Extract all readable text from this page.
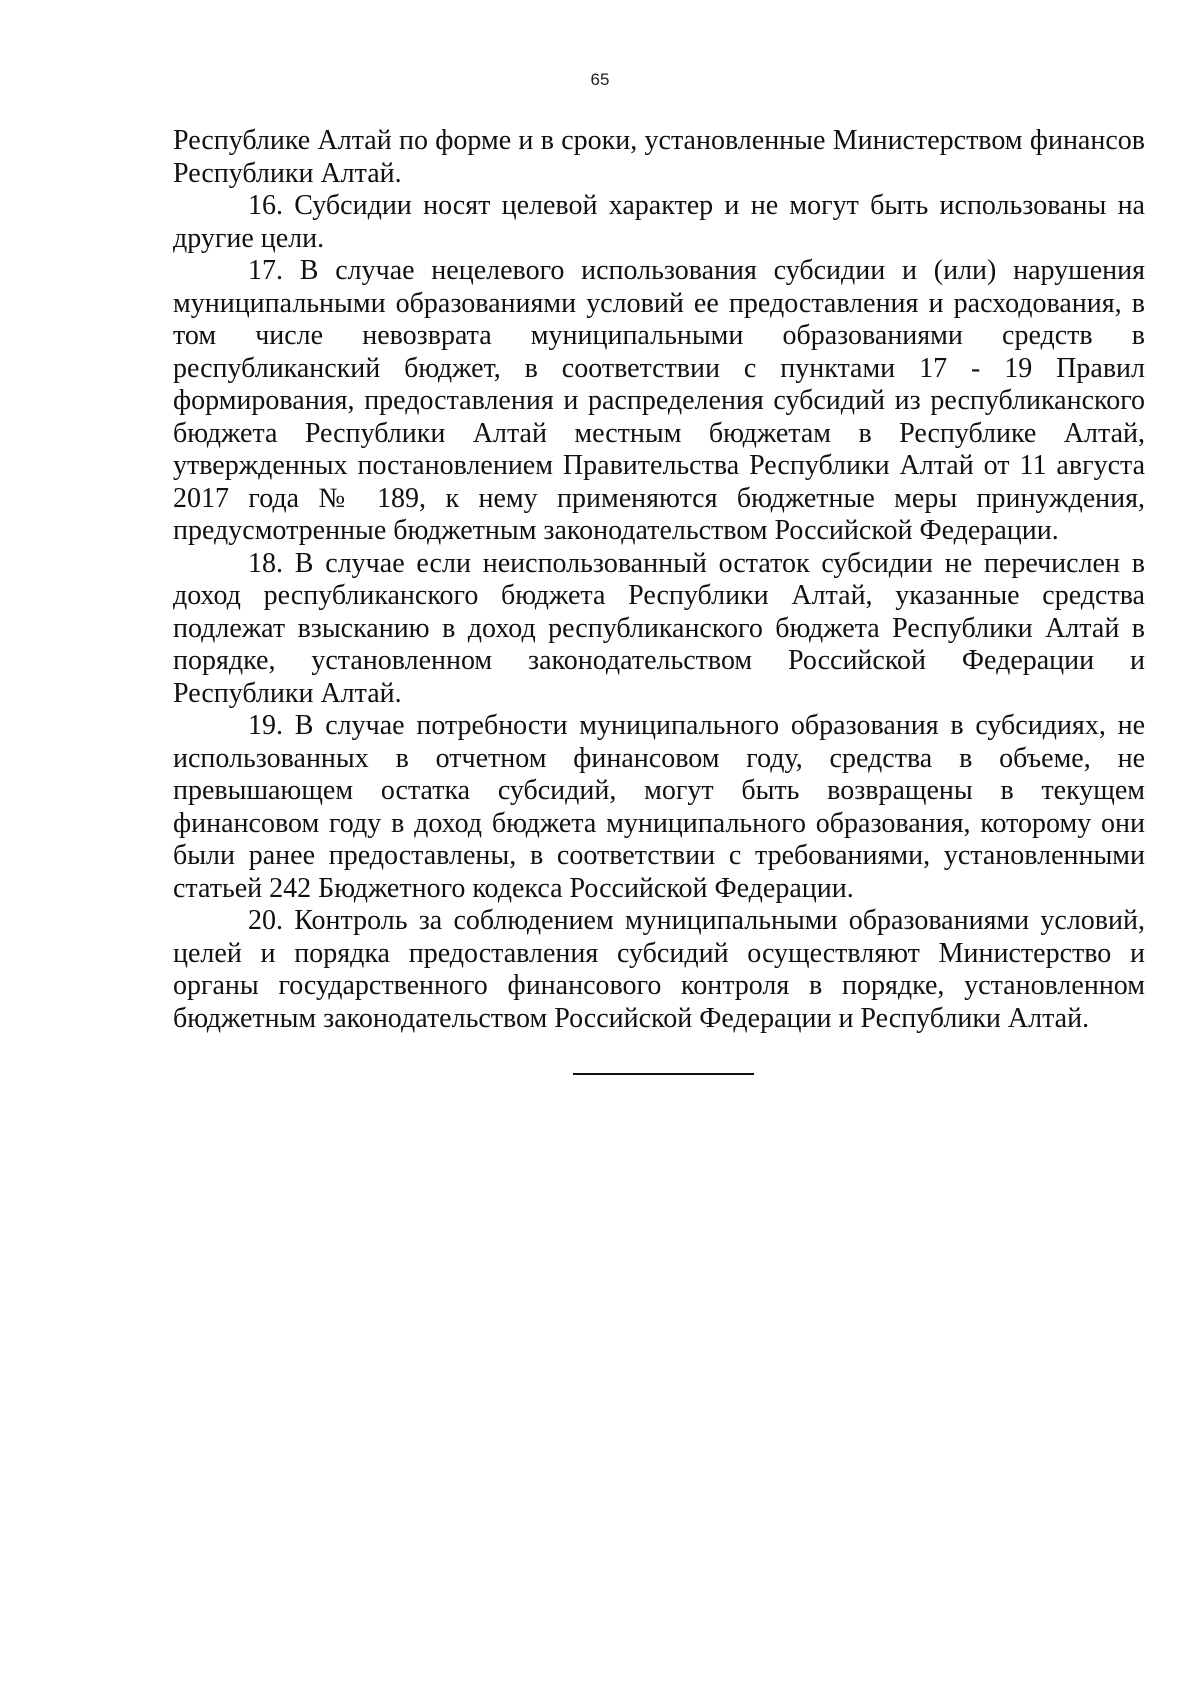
65

Республике Алтай по форме и в сроки, установленные Министерством финансов Республики Алтай.

16. Субсидии носят целевой характер и не могут быть использованы на другие цели.

17. В случае нецелевого использования субсидии и (или) нарушения муниципальными образованиями условий ее предоставления и расходования, в том числе невозврата муниципальными образованиями средств в республиканский бюджет, в соответствии с пунктами 17 - 19 Правил формирования, предоставления и распределения субсидий из республиканского бюджета Республики Алтай местным бюджетам в Республике Алтай, утвержденных постановлением Правительства Республики Алтай от 11 августа 2017 года № 189, к нему применяются бюджетные меры принуждения, предусмотренные бюджетным законодательством Российской Федерации.

18. В случае если неиспользованный остаток субсидии не перечислен в доход республиканского бюджета Республики Алтай, указанные средства подлежат взысканию в доход республиканского бюджета Республики Алтай в порядке, установленном законодательством Российской Федерации и Республики Алтай.

19. В случае потребности муниципального образования в субсидиях, не использованных в отчетном финансовом году, средства в объеме, не превышающем остатка субсидий, могут быть возвращены в текущем финансовом году в доход бюджета муниципального образования, которому они были ранее предоставлены, в соответствии с требованиями, установленными статьей 242 Бюджетного кодекса Российской Федерации.

20. Контроль за соблюдением муниципальными образованиями условий, целей и порядка предоставления субсидий осуществляют Министерство и органы государственного финансового контроля в порядке, установленном бюджетным законодательством Российской Федерации и Республики Алтай.
